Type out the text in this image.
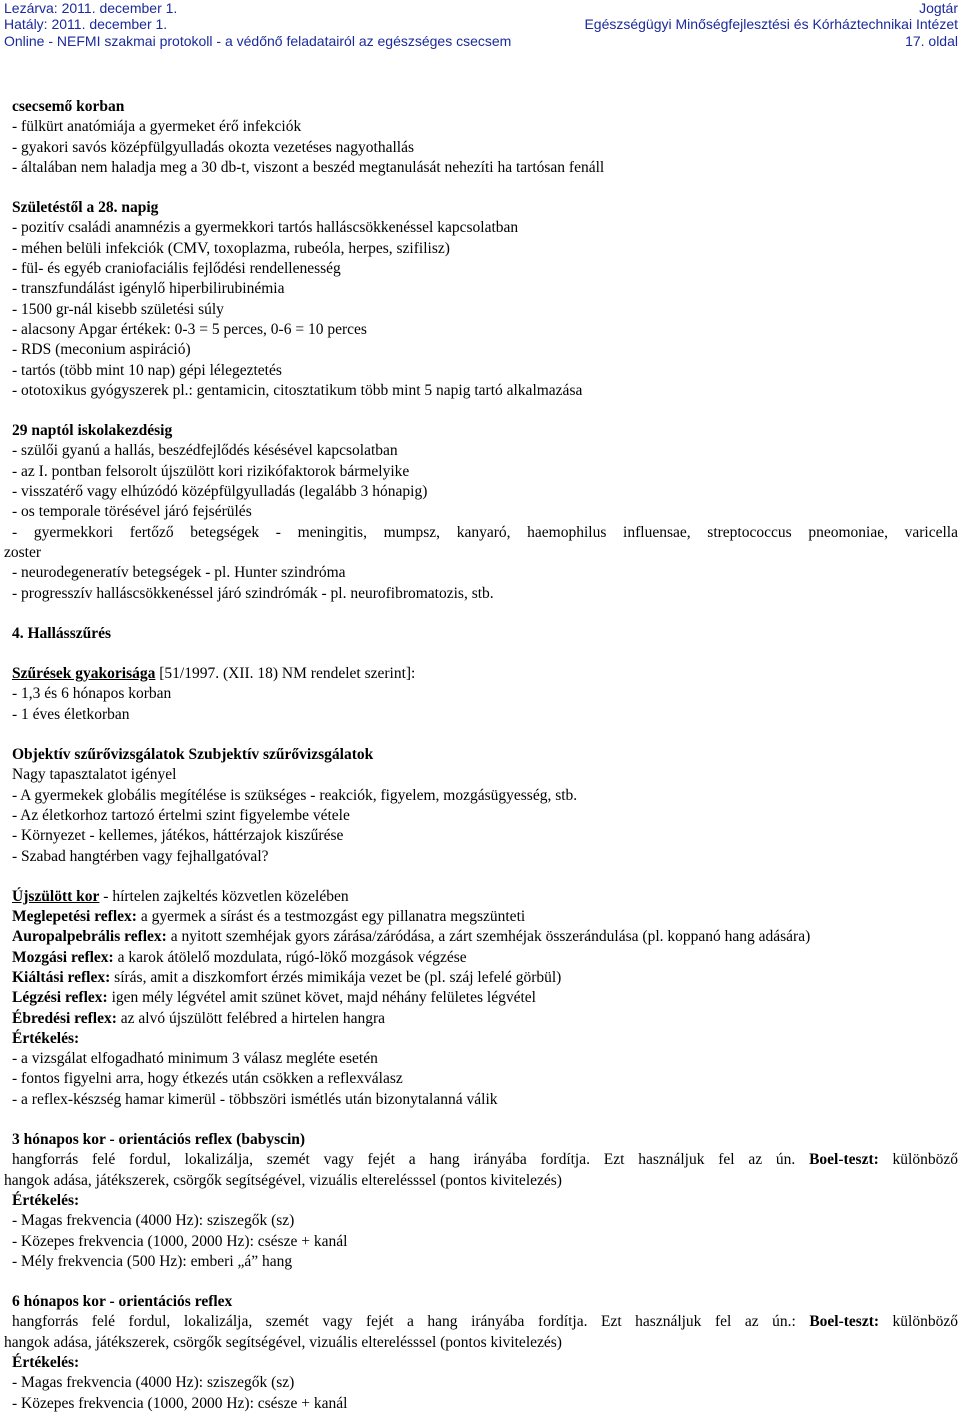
Lezárva: 2011. december 1.
Hatály: 2011. december 1.
Online - NEFMI szakmai protokoll - a védőnő feladatairól az egészséges csecsem
Jogtár
Egészségügyi Minőségfejlesztési és Kórháztechnikai Intézet
17. oldal
csecsemő korban
- fülkürt anatómiája a gyermeket érő infekciók
- gyakori savós középfülgyulladás okozta vezetéses nagyothallás
- általában nem haladja meg a 30 db-t, viszont a beszéd megtanulását nehezíti ha tartósan fenáll
Születéstől a 28. napig
- pozitív családi anamnézis a gyermekkori tartós halláscsökkenéssel kapcsolatban
- méhen belüli infekciók (CMV, toxoplazma, rubeóla, herpes, szifilisz)
- fül- és egyéb craniofaciális fejlődési rendellenesség
- transzfundálást igénylő hiperbilirubinémia
- 1500 gr-nál kisebb születési súly
- alacsony Apgar értékek: 0-3 = 5 perces, 0-6 = 10 perces
- RDS (meconium aspiráció)
- tartós (több mint 10 nap) gépi lélegeztetés
- ototoxikus gyógyszerek pl.: gentamicin, citosztatikum több mint 5 napig tartó alkalmazása
29 naptól iskolakezdésig
- szülői gyanú a hallás, beszédfejlődés késésével kapcsolatban
- az I. pontban felsorolt újszülött kori rizikófaktorok bármelyike
- visszatérő vagy elhúzódó középfülgyulladás (legalább 3 hónapig)
- os temporale törésével járó fejsérülés
- gyermekkori fertőző betegségek - meningitis, mumpsz, kanyaró, haemophilus influensae, streptococcus pneomoniae, varicella
zoster
- neurodegeneratív betegségek - pl. Hunter szindróma
- progresszív halláscsökkenéssel járó szindrómák - pl. neurofibromatozis, stb.
4. Hallásszűrés
Szűrések gyakorisága [51/1997. (XII. 18) NM rendelet szerint]:
- 1,3 és 6 hónapos korban
- 1 éves életkorban
Objektív szűrővizsgálatok Szubjektív szűrővizsgálatok
Nagy tapasztalatot igényel
- A gyermekek globális megítélése is szükséges - reakciók, figyelem, mozgásügyesség, stb.
- Az életkorhoz tartozó értelmi szint figyelembe vétele
- Környezet - kellemes, játékos, háttérzajok kiszűrése
- Szabad hangtérben vagy fejhallgatóval?
Újszülött kor - hírtelen zajkeltés közvetlen közelében
Meglepetési reflex: a gyermek a sírást és a testmozgást egy pillanatra megszünteti
Auropalpebrális reflex: a nyitott szemhéjak gyors zárása/záródása, a zárt szemhéjak összerándulása (pl. koppanó hang adására)
Mozgási reflex: a karok átölelő mozdulata, rúgó-lökő mozgások végzése
Kiáltási reflex: sírás, amit a diszkomfort érzés mimikája vezet be (pl. száj lefelé görbül)
Légzési reflex: igen mély légvétel amit szünet követ, majd néhány felületes légvétel
Ébredési reflex: az alvó újszülött felébred a hirtelen hangra
Értékelés:
- a vizsgálat elfogadható minimum 3 válasz megléte esetén
- fontos figyelni arra, hogy étkezés után csökken a reflexválasz
- a reflex-készség hamar kimerül - többszöri ismétlés után bizonytalanná válik
3 hónapos kor - orientációs reflex (babyscin)
hangforrás felé fordul, lokalizálja, szemét vagy fejét a hang irányába fordítja. Ezt használjuk fel az ún. Boel-teszt: különböző
hangok adása, játékszerek, csörgők segítségével, vizuális elterelésssel (pontos kivitelezés)
Értékelés:
- Magas frekvencia (4000 Hz): sziszegők (sz)
- Közepes frekvencia (1000, 2000 Hz): csésze + kanál
- Mély frekvencia (500 Hz): emberi „á” hang
6 hónapos kor - orientációs reflex
hangforrás felé fordul, lokalizálja, szemét vagy fejét a hang irányába fordítja. Ezt használjuk fel az ún.: Boel-teszt: különböző
hangok adása, játékszerek, csörgők segítségével, vizuális elterelésssel (pontos kivitelezés)
Értékelés:
- Magas frekvencia (4000 Hz): sziszegők (sz)
- Közepes frekvencia (1000, 2000 Hz): csésze + kanál
